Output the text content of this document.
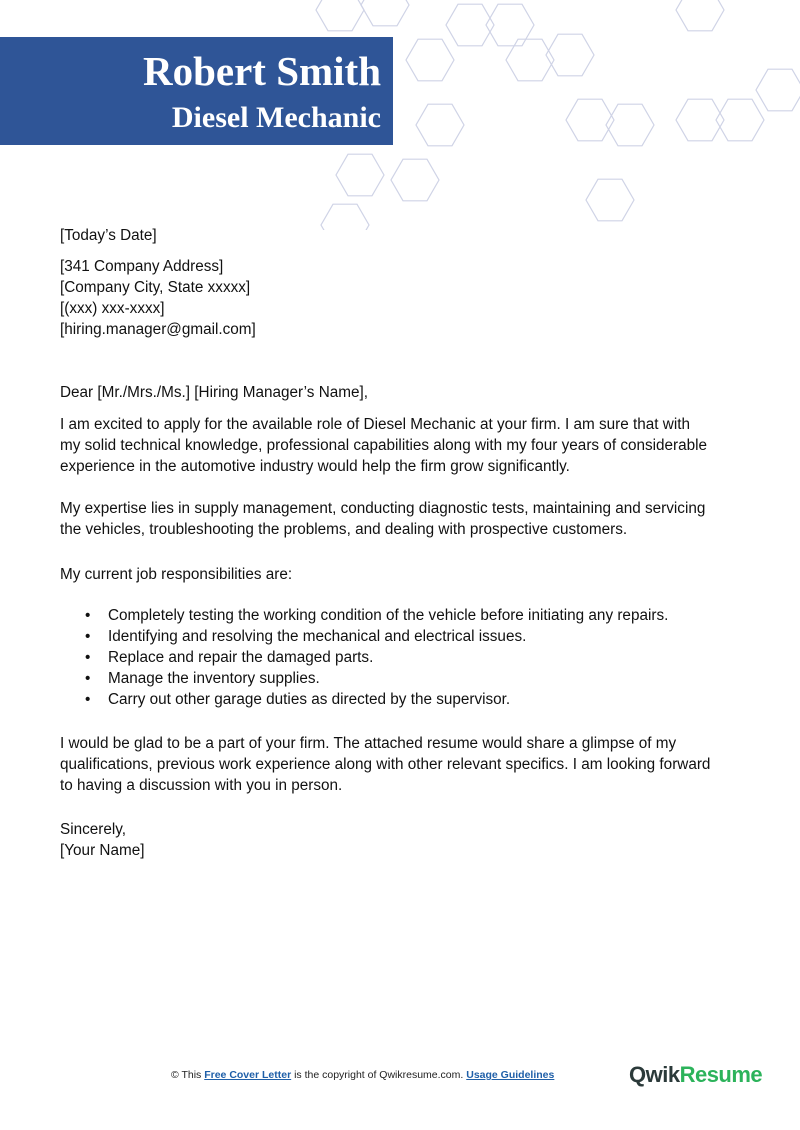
Robert Smith
Diesel Mechanic
[Today’s Date]
[341 Company Address]
[Company City, State xxxxx]
[(xxx) xxx-xxxx]
[hiring.manager@gmail.com]
Dear [Mr./Mrs./Ms.] [Hiring Manager’s Name],
I am excited to apply for the available role of Diesel Mechanic at your firm. I am sure that with
my solid technical knowledge, professional capabilities along with my four years of considerable
experience in the automotive industry would help the firm grow significantly.
My expertise lies in supply management, conducting diagnostic tests, maintaining and servicing
the vehicles, troubleshooting the problems, and dealing with prospective customers.
My current job responsibilities are:
• Completely testing the working condition of the vehicle before initiating any repairs.
• Identifying and resolving the mechanical and electrical issues.
• Replace and repair the damaged parts.
• Manage the inventory supplies.
• Carry out other garage duties as directed by the supervisor.
I would be glad to be a part of your firm. The attached resume would share a glimpse of my
qualifications, previous work experience along with other relevant specifics. I am looking forward
to having a discussion with you in person.
Sincerely,
[Your Name]
© This Free Cover Letter is the copyright of Qwikresume.com. Usage Guidelines	QwikResume
